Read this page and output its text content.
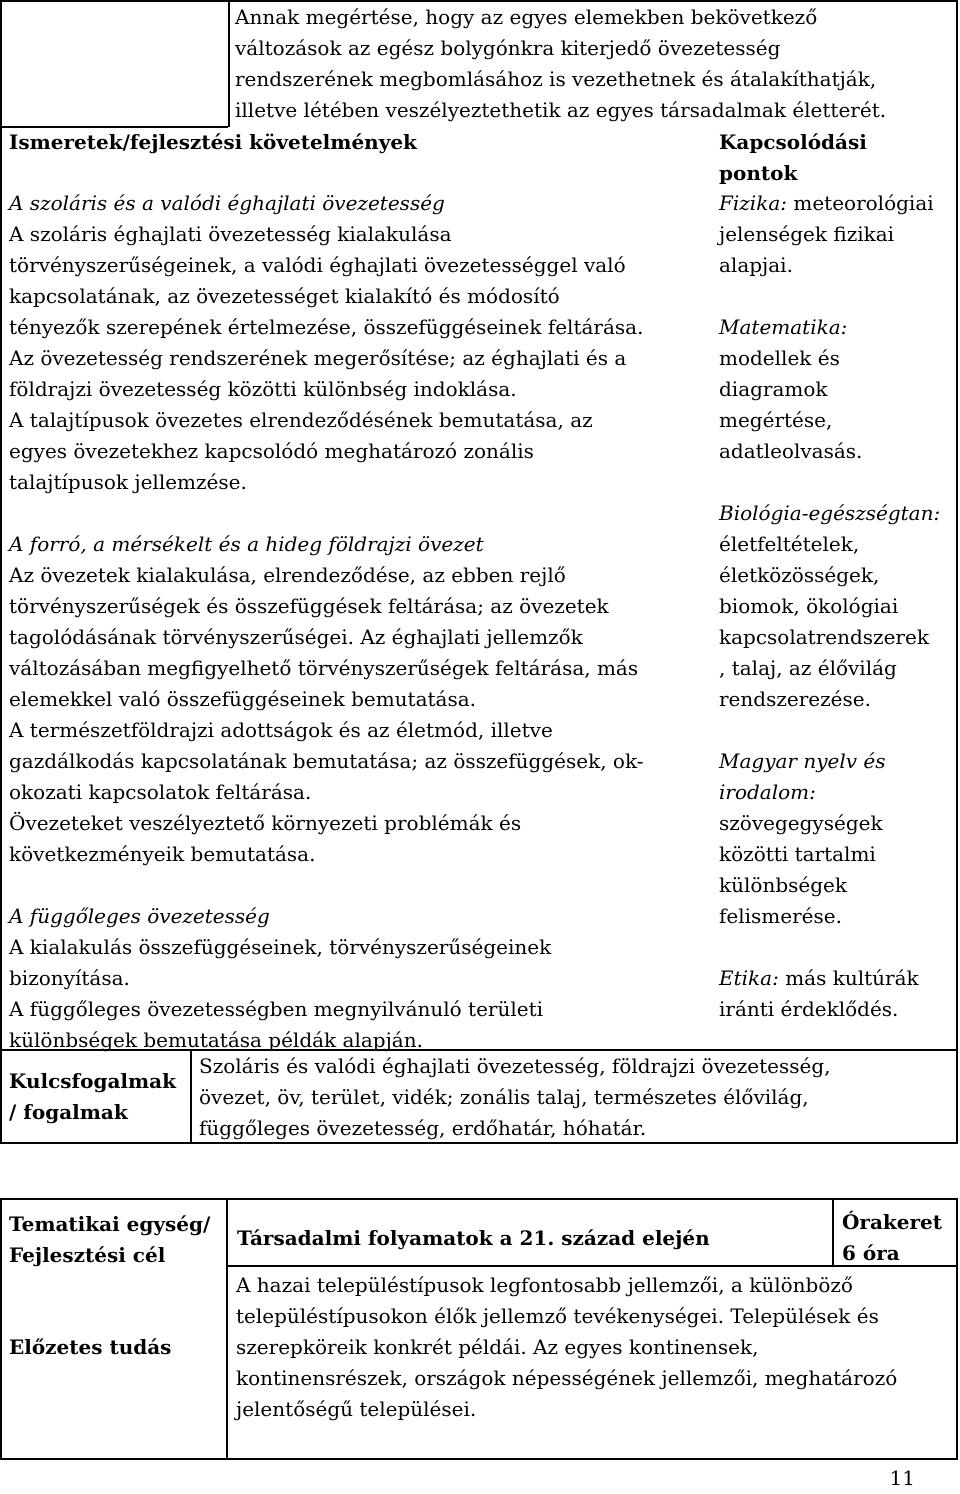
Annak megértése, hogy az egyes elemekben bekövetkező

változások az egész bolygónkra kiterjedő övezetesség

rendszerének megbomlásához is vezethetnek és átalakíthatják,

illetve létében veszélyeztethetik az egyes társadalmak életterét.

Ismeretek/fejlesztési követelmények	Kapcsolódási

pontok

A szoláris és a valódi éghajlati övezetesség

A szoláris éghajlati övezetesség kialakulása

törvényszerűségeinek, a valódi éghajlati övezetességgel való

kapcsolatának, az övezetességet kialakító és módosító

tényezők szerepének értelmezése, összefüggéseinek feltárása.

Az övezetesség rendszerének megerősítése; az éghajlati és a

földrajzi övezetesség közötti különbség indoklása.

A talajtípusok övezetes elrendeződésének bemutatása, az

egyes övezetekhez kapcsolódó meghatározó zonális

talajtípusok jellemzése.

A forró, a mérsékelt és a hideg földrajzi övezet

Az övezetek kialakulása, elrendeződése, az ebben rejlő

törvényszerűségek és összefüggések feltárása; az övezetek

tagolódásának törvényszerűségei. Az éghajlati jellemzők

változásában megfigyelhető törvényszerűségek feltárása, más

elemekkel való összefüggéseinek bemutatása.

A természetföldrajzi adottságok és az életmód, illetve

gazdálkodás kapcsolatának bemutatása; az összefüggések, ok-

okozati kapcsolatok feltárása.

Övezeteket veszélyeztető környezeti problémák és

következményeik bemutatása.

A függőleges övezetesség

A kialakulás összefüggéseinek, törvényszerűségeinek

bizonyítása.

A függőleges övezetességben megnyilvánuló területi

különbségek bemutatása példák alapján.

Fizika: meteorológiai

jelenségek fizikai

alapjai.

Matematika:

modellek és

diagramok

megértése,

adatleolvasás.

Biológia-egészségtan:

életfeltételek,

életközösségek,

biomok, ökológiai

kapcsolatrendszerek

, talaj, az élővilág

rendszerezése.

Magyar nyelv és

irodalom:

szövegegységek

közötti tartalmi

különbségek

felismerése.

Etika: más kultúrák

iránti érdeklődés.

Kulcsfogalmak

/ fogalmak

Szoláris és valódi éghajlati övezetesség, földrajzi övezetesség,

övezet, öv, terület, vidék; zonális talaj, természetes élővilág,

függőleges övezetesség, erdőhatár, hóhatár.

Tematikai egység/

Fejlesztési cél

Társadalmi folyamatok a 21. század elején

Órakeret

6 óra

Előzetes tudás

A hazai településtípusok legfontosabb jellemzői, a különböző

településtípusokon élők jellemző tevékenységei. Települések és

szerepköreik konkrét példái. Az egyes kontinensek,

kontinensrészek, országok népességének jellemzői, meghatározó

jelentőségű települései.

11
